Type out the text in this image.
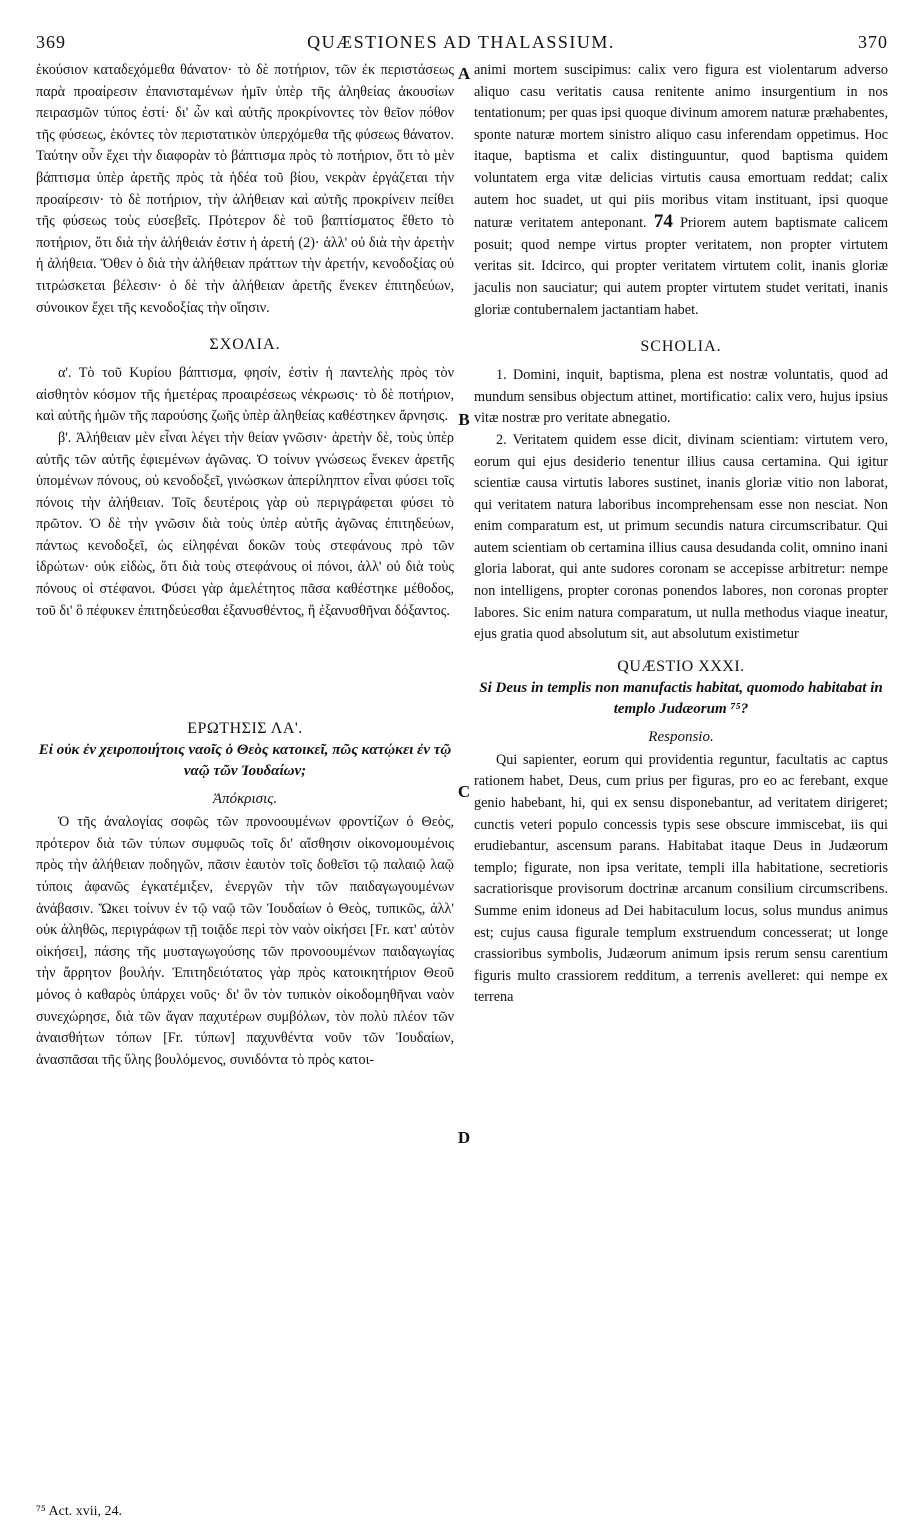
369	QUÆSTIONES AD THALASSIUM.	370
A
B
C
D

ἑκούσιον καταδεχόμεθα θάνατον· τὸ δὲ ποτήριον, τῶν ἐκ περιστάσεως παρὰ προαίρεσιν ἐπανισταμένων ἡμῖν ὑπὲρ τῆς ἀληθείας ἀκουσίων πειρασμῶν τύπος ἐστί· δι' ὧν καὶ αὐτῆς προκρίνοντες τὸν θεῖον πόθον τῆς φύσεως, ἑκόντες τὸν περιστατικὸν ὑπερχόμεθα τῆς φύσεως θάνατον. Ταύτην οὖν ἔχει τὴν διαφορὰν τὸ βάπτισμα πρὸς τὸ ποτήριον, ὅτι τὸ μὲν βάπτισμα ὑπὲρ ἀρετῆς πρὸς τὰ ἡδέα τοῦ βίου, νεκρὰν ἐργάζεται τὴν προαίρεσιν· τὸ δὲ ποτήριον, τὴν ἀλήθειαν καὶ αὐτῆς προκρίνειν πείθει τῆς φύσεως τοὺς εὐσεβεῖς. Πρότερον δὲ τοῦ βαπτίσματος ἔθετο τὸ ποτήριον, ὅτι διὰ τὴν ἀλήθειάν ἐστιν ἡ ἀρετή (2)· ἀλλ' οὐ διὰ τὴν ἀρετὴν ἡ ἀλήθεια. Ὅθεν ὁ διὰ τὴν ἀλήθειαν πράττων τὴν ἀρετήν, κενοδοξίας οὐ τιτρώσκεται βέλεσιν· ὁ δὲ τὴν ἀλήθειαν ἀρετῆς ἕνεκεν ἐπιτηδεύων, σύνοικον ἔχει τῆς κενοδοξίας τὴν οἴησιν.

ΣΧΟΛΙΑ.

α'. Τὸ τοῦ Κυρίου βάπτισμα, φησίν, ἐστὶν ἡ παντελὴς πρὸς τὸν αἰσθητὸν κόσμον τῆς ἡμετέρας προαιρέσεως νέκρωσις· τὸ δὲ ποτήριον, καὶ αὐτῆς ἡμῶν τῆς παρούσης ζωῆς ὑπὲρ ἀληθείας καθέστηκεν ἄρνησις.

β'. Ἀλήθειαν μὲν εἶναι λέγει τὴν θείαν γνῶσιν· ἀρετὴν δὲ, τοὺς ὑπὲρ αὐτῆς τῶν αὐτῆς ἐφιεμένων ἀγῶνας. Ὁ τοίνυν γνώσεως ἕνεκεν ἀρετῆς ὑπομένων πόνους, οὐ κενοδοξεῖ, γινώσκων ἀπερίληπτον εἶναι φύσει τοῖς πόνοις τὴν ἀλήθειαν. Τοῖς δευτέροις γὰρ οὐ περιγράφεται φύσει τὸ πρῶτον. Ὁ δὲ τὴν γνῶσιν διὰ τοὺς ὑπὲρ αὐτῆς ἀγῶνας ἐπιτηδεύων, πάντως κενοδοξεῖ, ὡς εἰληφέναι δοκῶν τοὺς στεφάνους πρὸ τῶν ἱδρώτων· οὐκ εἰδὼς, ὅτι διὰ τοὺς στεφάνους οἱ πόνοι, ἀλλ' οὐ διὰ τοὺς πόνους οἱ στέφανοι. Φύσει γὰρ ἀμελέτητος πᾶσα καθέστηκε μέθοδος, τοῦ δι' ὃ πέφυκεν ἐπιτηδεύεσθαι ἐξανυσθέντος, ἢ ἐξανυσθῆναι δόξαντος.

ΕΡΩΤΗΣΙΣ ΛΑ'.
Εἰ οὐκ ἐν χειροποιήτοις ναοῖς ὁ Θεὸς κατοικεῖ, πῶς κατῴκει ἐν τῷ ναῷ τῶν Ἰουδαίων;
Ἀπόκρισις.

Ὁ τῆς ἀναλογίας σοφῶς τῶν προνοουμένων φροντίζων ὁ Θεὸς, πρότερον διὰ τῶν τύπων συμφυῶς τοῖς δι' αἴσθησιν οἰκονομουμένοις πρὸς τὴν ἀλήθειαν ποδηγῶν, πᾶσιν ἑαυτὸν τοῖς δοθεῖσι τῷ παλαιῷ λαῷ τύποις ἀφανῶς ἐγκατέμιξεν, ἐνεργῶν τὴν τῶν παιδαγωγουμένων ἀνάβασιν. Ὤκει τοίνυν ἐν τῷ ναῷ τῶν Ἰουδαίων ὁ Θεὸς, τυπικῶς, ἀλλ' οὐκ ἀληθῶς, περιγράφων τῇ τοιᾷδε περὶ τὸν ναὸν οἰκήσει [Fr. κατ' αὐτὸν οἰκήσει], πάσης τῆς μυσταγωγούσης τῶν προνοουμένων παιδαγωγίας τὴν ἄρρητον βουλήν. Ἐπιτηδειότατος γὰρ πρὸς κατοικητήριον Θεοῦ μόνος ὁ καθαρὸς ὑπάρχει νοῦς· δι' ὃν τὸν τυπικὸν οἰκοδομηθῆναι ναὸν συνεχώρησε, διὰ τῶν ἄγαν παχυτέρων συμβόλων, τὸν πολὺ πλέον τῶν ἀναισθήτων τόπων [Fr. τύπων] παχυνθέντα νοῦν τῶν Ἰουδαίων, ἀνασπᾶσαι τῆς ὕλης βουλόμενος, συνιδόντα τὸ πρὸς κατοι-

animi mortem suscipimus: calix vero figura est violentarum adverso aliquo casu veritatis causa renitente animo insurgentium in nos tentationum; per quas ipsi quoque divinum amorem naturæ præhabentes, sponte naturæ mortem sinistro aliquo casu inferendam oppetimus. Hoc itaque, baptisma et calix distinguuntur, quod baptisma quidem voluntatem erga vitæ delicias virtutis causa emortuam reddat; calix autem hoc suadet, ut qui piis moribus vitam instituant, ipsi quoque naturæ veritatem anteponant. 74 Priorem autem baptismate calicem posuit; quod nempe virtus propter veritatem, non propter virtutem veritas sit. Idcirco, qui propter veritatem virtutem colit, inanis gloriæ jaculis non sauciatur; qui autem propter virtutem studet veritati, inanis gloriæ contubernalem jactantiam habet.

SCHOLIA.

1. Domini, inquit, baptisma, plena est nostræ voluntatis, quod ad mundum sensibus objectum attinet, mortificatio: calix vero, hujus ipsius vitæ nostræ pro veritate abnegatio.

2. Veritatem quidem esse dicit, divinam scientiam: virtutem vero, eorum qui ejus desiderio tenentur illius causa certamina. Qui igitur scientiæ causa virtutis labores sustinet, inanis gloriæ vitio non laborat, qui veritatem natura laboribus incomprehensam esse non nesciat. Non enim comparatum est, ut primum secundis natura circumscribatur. Qui autem scientiam ob certamina illius causa desudanda colit, omnino inani gloria laborat, qui ante sudores coronam se accepisse arbitretur: nempe non intelligens, propter coronas ponendos labores, non coronas propter labores. Sic enim natura comparatum, ut nulla methodus viaque ineatur, ejus gratia quod absolutum sit, aut absolutum existimetur

QUÆSTIO XXXI.
Si Deus in templis non manufactis habitat, quomodo habitabat in templo Judæorum ⁷⁵?
Responsio.

Qui sapienter, eorum qui providentia reguntur, facultatis ac captus rationem habet, Deus, cum prius per figuras, pro eo ac ferebant, exque genio habebant, hi, qui ex sensu disponebantur, ad veritatem dirigeret; cunctis veteri populo concessis typis sese obscure immiscebat, iis qui erudiebantur, ascensum parans. Habitabat itaque Deus in Judæorum templo; figurate, non ipsa veritate, templi illa habitatione, secretioris sacratiorisque provisorum doctrinæ arcanum consilium circumscribens. Summe enim idoneus ad Dei habitaculum locus, solus mundus animus est; cujus causa figurale templum exstruendum concesserat; ut longe crassioribus symbolis, Judæorum animum ipsis rerum sensu carentium figuris multo crassiorem redditum, a terrenis avelleret: qui nempe ex terrena

⁷⁵ Act. xvii, 24.
